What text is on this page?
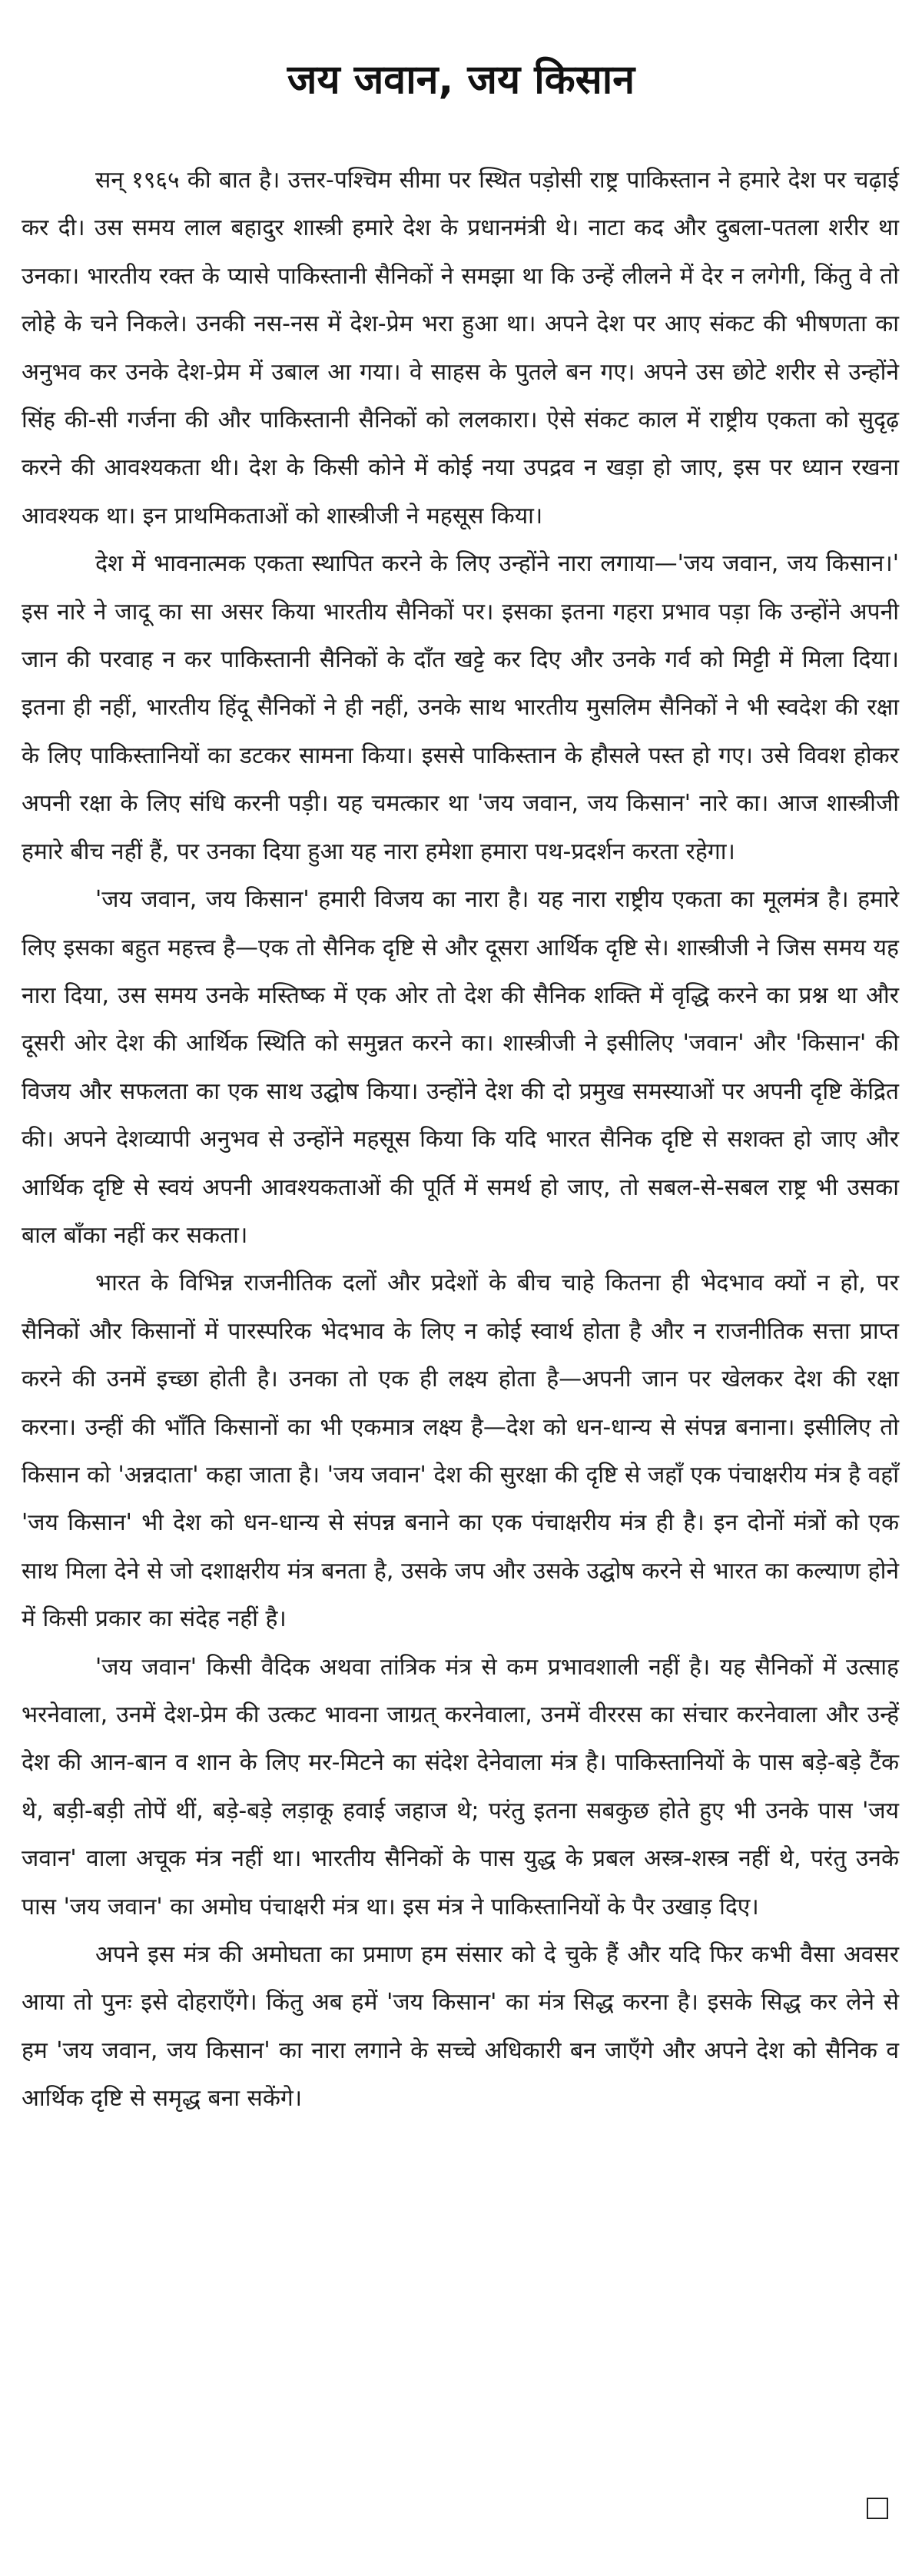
जय जवान, जय किसान

सन् १९६५ की बात है। उत्तर-पश्चिम सीमा पर स्थित पड़ोसी राष्ट्र पाकिस्तान ने हमारे देश पर चढ़ाई कर दी। उस समय लाल बहादुर शास्त्री हमारे देश के प्रधानमंत्री थे। नाटा कद और दुबला-पतला शरीर था उनका। भारतीय रक्त के प्यासे पाकिस्तानी सैनिकों ने समझा था कि उन्हें लीलने में देर न लगेगी, किंतु वे तो लोहे के चने निकले। उनकी नस-नस में देश-प्रेम भरा हुआ था। अपने देश पर आए संकट की भीषणता का अनुभव कर उनके देश-प्रेम में उबाल आ गया। वे साहस के पुतले बन गए। अपने उस छोटे शरीर से उन्होंने सिंह की-सी गर्जना की और पाकिस्तानी सैनिकों को ललकारा। ऐसे संकट काल में राष्ट्रीय एकता को सुदृढ़ करने की आवश्यकता थी। देश के किसी कोने में कोई नया उपद्रव न खड़ा हो जाए, इस पर ध्यान रखना आवश्यक था। इन प्राथमिकताओं को शास्त्रीजी ने महसूस किया।

देश में भावनात्मक एकता स्थापित करने के लिए उन्होंने नारा लगाया—'जय जवान, जय किसान।' इस नारे ने जादू का सा असर किया भारतीय सैनिकों पर। इसका इतना गहरा प्रभाव पड़ा कि उन्होंने अपनी जान की परवाह न कर पाकिस्तानी सैनिकों के दाँत खट्टे कर दिए और उनके गर्व को मिट्टी में मिला दिया। इतना ही नहीं, भारतीय हिंदू सैनिकों ने ही नहीं, उनके साथ भारतीय मुसलिम सैनिकों ने भी स्वदेश की रक्षा के लिए पाकिस्तानियों का डटकर सामना किया। इससे पाकिस्तान के हौसले पस्त हो गए। उसे विवश होकर अपनी रक्षा के लिए संधि करनी पड़ी। यह चमत्कार था 'जय जवान, जय किसान' नारे का। आज शास्त्रीजी हमारे बीच नहीं हैं, पर उनका दिया हुआ यह नारा हमेशा हमारा पथ-प्रदर्शन करता रहेगा।

'जय जवान, जय किसान' हमारी विजय का नारा है। यह नारा राष्ट्रीय एकता का मूलमंत्र है। हमारे लिए इसका बहुत महत्त्व है—एक तो सैनिक दृष्टि से और दूसरा आर्थिक दृष्टि से। शास्त्रीजी ने जिस समय यह नारा दिया, उस समय उनके मस्तिष्क में एक ओर तो देश की सैनिक शक्ति में वृद्धि करने का प्रश्न था और दूसरी ओर देश की आर्थिक स्थिति को समुन्नत करने का। शास्त्रीजी ने इसीलिए 'जवान' और 'किसान' की विजय और सफलता का एक साथ उद्घोष किया। उन्होंने देश की दो प्रमुख समस्याओं पर अपनी दृष्टि केंद्रित की। अपने देशव्यापी अनुभव से उन्होंने महसूस किया कि यदि भारत सैनिक दृष्टि से सशक्त हो जाए और आर्थिक दृष्टि से स्वयं अपनी आवश्यकताओं की पूर्ति में समर्थ हो जाए, तो सबल-से-सबल राष्ट्र भी उसका बाल बाँका नहीं कर सकता।

भारत के विभिन्न राजनीतिक दलों और प्रदेशों के बीच चाहे कितना ही भेदभाव क्यों न हो, पर सैनिकों और किसानों में पारस्परिक भेदभाव के लिए न कोई स्वार्थ होता है और न राजनीतिक सत्ता प्राप्त करने की उनमें इच्छा होती है। उनका तो एक ही लक्ष्य होता है—अपनी जान पर खेलकर देश की रक्षा करना। उन्हीं की भाँति किसानों का भी एकमात्र लक्ष्य है—देश को धन-धान्य से संपन्न बनाना। इसीलिए तो किसान को 'अन्नदाता' कहा जाता है। 'जय जवान' देश की सुरक्षा की दृष्टि से जहाँ एक पंचाक्षरीय मंत्र है वहाँ 'जय किसान' भी देश को धन-धान्य से संपन्न बनाने का एक पंचाक्षरीय मंत्र ही है। इन दोनों मंत्रों को एक साथ मिला देने से जो दशाक्षरीय मंत्र बनता है, उसके जप और उसके उद्घोष करने से भारत का कल्याण होने में किसी प्रकार का संदेह नहीं है।

'जय जवान' किसी वैदिक अथवा तांत्रिक मंत्र से कम प्रभावशाली नहीं है। यह सैनिकों में उत्साह भरनेवाला, उनमें देश-प्रेम की उत्कट भावना जाग्रत् करनेवाला, उनमें वीररस का संचार करनेवाला और उन्हें देश की आन-बान व शान के लिए मर-मिटने का संदेश देनेवाला मंत्र है। पाकिस्तानियों के पास बड़े-बड़े टैंक थे, बड़ी-बड़ी तोपें थीं, बड़े-बड़े लड़ाकू हवाई जहाज थे; परंतु इतना सबकुछ होते हुए भी उनके पास 'जय जवान' वाला अचूक मंत्र नहीं था। भारतीय सैनिकों के पास युद्ध के प्रबल अस्त्र-शस्त्र नहीं थे, परंतु उनके पास 'जय जवान' का अमोघ पंचाक्षरी मंत्र था। इस मंत्र ने पाकिस्तानियों के पैर उखाड़ दिए।

अपने इस मंत्र की अमोघता का प्रमाण हम संसार को दे चुके हैं और यदि फिर कभी वैसा अवसर आया तो पुनः इसे दोहराएँगे। किंतु अब हमें 'जय किसान' का मंत्र सिद्ध करना है। इसके सिद्ध कर लेने से हम 'जय जवान, जय किसान' का नारा लगाने के सच्चे अधिकारी बन जाएँगे और अपने देश को सैनिक व आर्थिक दृष्टि से समृद्ध बना सकेंगे।
